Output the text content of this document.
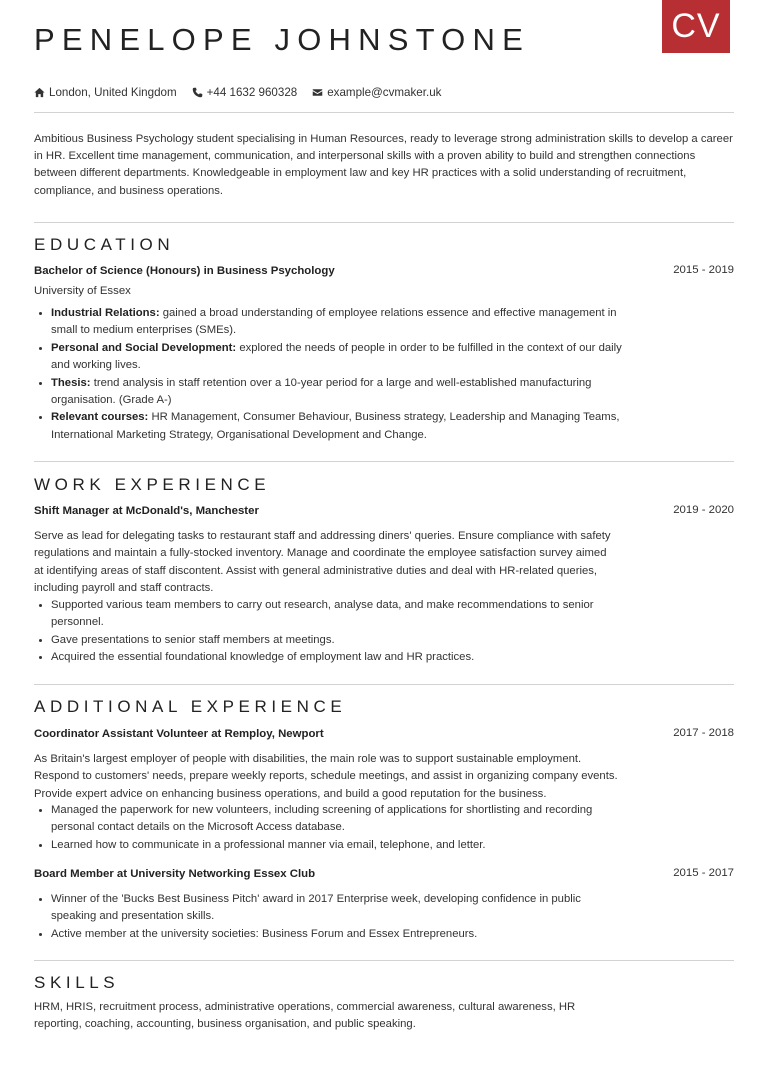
CV
PENELOPE JOHNSTONE
London, United Kingdom	+44 1632 960328	example@cvmaker.uk

Ambitious Business Psychology student specialising in Human Resources, ready to leverage strong administration skills to develop a career in HR. Excellent time management, communication, and interpersonal skills with a proven ability to build and strengthen connections between different departments. Knowledgeable in employment law and key HR practices with a solid understanding of recruitment, compliance, and business operations.

EDUCATION
Bachelor of Science (Honours) in Business Psychology	2015 - 2019
University of Essex
• Industrial Relations: gained a broad understanding of employee relations essence and effective management in small to medium enterprises (SMEs).
• Personal and Social Development: explored the needs of people in order to be fulfilled in the context of our daily and working lives.
• Thesis: trend analysis in staff retention over a 10-year period for a large and well-established manufacturing organisation. (Grade A-)
• Relevant courses: HR Management, Consumer Behaviour, Business strategy, Leadership and Managing Teams, International Marketing Strategy, Organisational Development and Change.
WORK EXPERIENCE
Shift Manager at McDonald's, Manchester	2019 - 2020

Serve as lead for delegating tasks to restaurant staff and addressing diners' queries. Ensure compliance with safety regulations and maintain a fully-stocked inventory. Manage and coordinate the employee satisfaction survey aimed at identifying areas of staff discontent. Assist with general administrative duties and deal with HR-related queries, including payroll and staff contracts.

• Supported various team members to carry out research, analyse data, and make recommendations to senior personnel.
• Gave presentations to senior staff members at meetings.
• Acquired the essential foundational knowledge of employment law and HR practices.
ADDITIONAL EXPERIENCE
Coordinator Assistant Volunteer at Remploy, Newport	2017 - 2018

As Britain's largest employer of people with disabilities, the main role was to support sustainable employment. Respond to customers' needs, prepare weekly reports, schedule meetings, and assist in organizing company events. Provide expert advice on enhancing business operations, and build a good reputation for the business.

• Managed the paperwork for new volunteers, including screening of applications for shortlisting and recording personal contact details on the Microsoft Access database.
• Learned how to communicate in a professional manner via email, telephone, and letter.
Board Member at University Networking Essex Club	2015 - 2017
• Winner of the 'Bucks Best Business Pitch' award in 2017 Enterprise week, developing confidence in public speaking and presentation skills.
• Active member at the university societies: Business Forum and Essex Entrepreneurs.
SKILLS

HRM, HRIS, recruitment process, administrative operations, commercial awareness, cultural awareness, HR reporting, coaching, accounting, business organisation, and public speaking.
